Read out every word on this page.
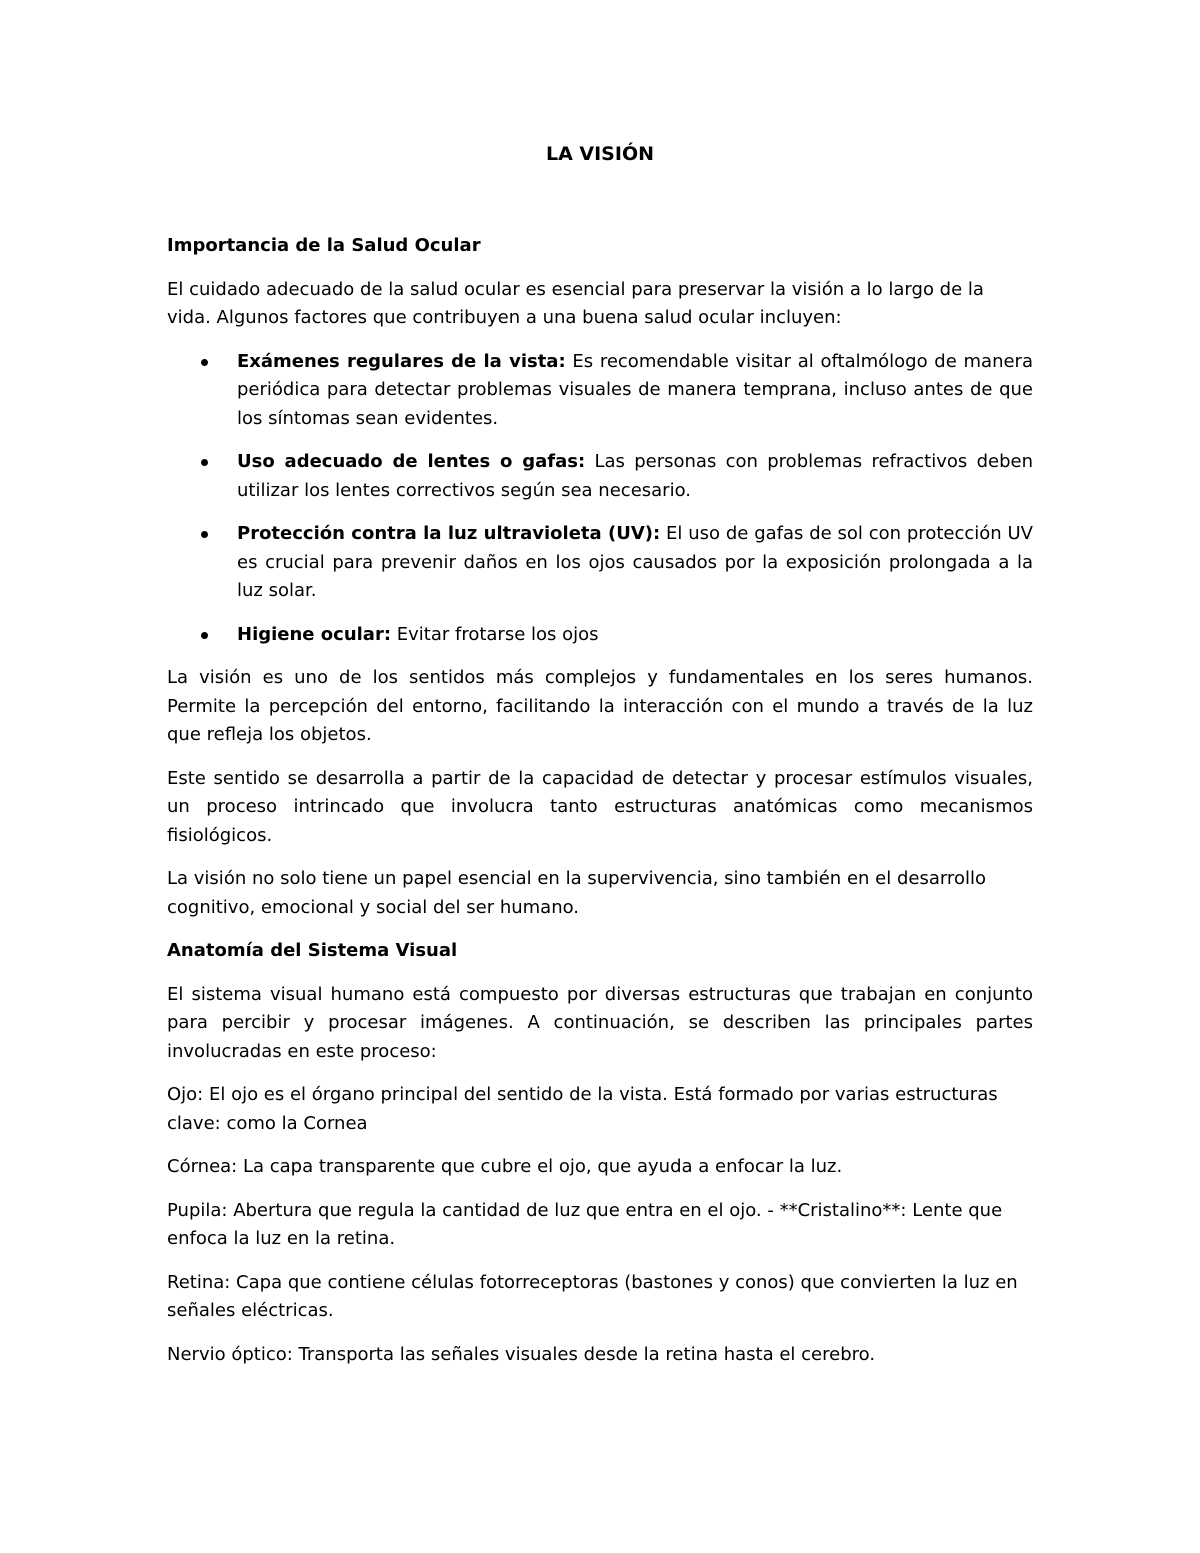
LA VISIÓN
Importancia de la Salud Ocular
El cuidado adecuado de la salud ocular es esencial para preservar la visión a lo largo de la vida. Algunos factores que contribuyen a una buena salud ocular incluyen:
Exámenes regulares de la vista: Es recomendable visitar al oftalmólogo de manera periódica para detectar problemas visuales de manera temprana, incluso antes de que los síntomas sean evidentes.
Uso adecuado de lentes o gafas: Las personas con problemas refractivos deben utilizar los lentes correctivos según sea necesario.
Protección contra la luz ultravioleta (UV): El uso de gafas de sol con protección UV es crucial para prevenir daños en los ojos causados por la exposición prolongada a la luz solar.
Higiene ocular: Evitar frotarse los ojos
La visión es uno de los sentidos más complejos y fundamentales en los seres humanos. Permite la percepción del entorno, facilitando la interacción con el mundo a través de la luz que refleja los objetos.
Este sentido se desarrolla a partir de la capacidad de detectar y procesar estímulos visuales, un proceso intrincado que involucra tanto estructuras anatómicas como mecanismos fisiológicos.
La visión no solo tiene un papel esencial en la supervivencia, sino también en el desarrollo cognitivo, emocional y social del ser humano.
Anatomía del Sistema Visual
El sistema visual humano está compuesto por diversas estructuras que trabajan en conjunto para percibir y procesar imágenes. A continuación, se describen las principales partes involucradas en este proceso:
Ojo: El ojo es el órgano principal del sentido de la vista. Está formado por varias estructuras clave: como la Cornea
Córnea: La capa transparente que cubre el ojo, que ayuda a enfocar la luz.
Pupila: Abertura que regula la cantidad de luz que entra en el ojo. - **Cristalino**: Lente que enfoca la luz en la retina.
Retina: Capa que contiene células fotorreceptoras (bastones y conos) que convierten la luz en señales eléctricas.
Nervio óptico: Transporta las señales visuales desde la retina hasta el cerebro.
